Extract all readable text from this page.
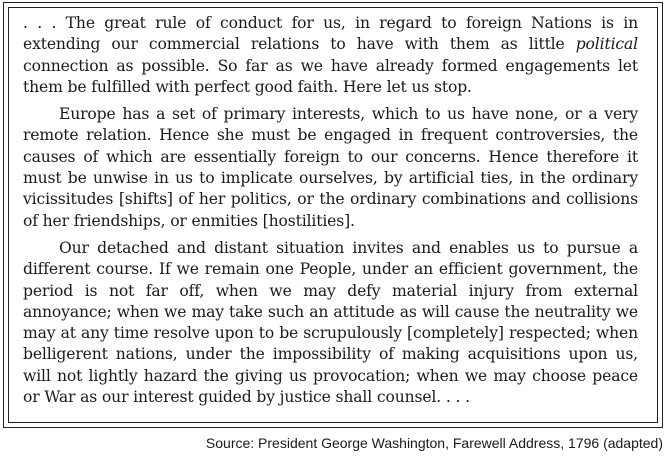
. . . The great rule of conduct for us, in regard to foreign Nations is in extending our commercial relations to have with them as little political connection as possible. So far as we have already formed engagements let them be fulfilled with perfect good faith. Here let us stop.

Europe has a set of primary interests, which to us have none, or a very remote relation. Hence she must be engaged in frequent controversies, the causes of which are essentially foreign to our concerns. Hence therefore it must be unwise in us to implicate ourselves, by artificial ties, in the ordinary vicissitudes [shifts] of her politics, or the ordinary combinations and collisions of her friendships, or enmities [hostilities].

Our detached and distant situation invites and enables us to pursue a different course. If we remain one People, under an efficient government, the period is not far off, when we may defy material injury from external annoyance; when we may take such an attitude as will cause the neutrality we may at any time resolve upon to be scrupulously [completely] respected; when belligerent nations, under the impossibility of making acquisitions upon us, will not lightly hazard the giving us provocation; when we may choose peace or War as our interest guided by justice shall counsel. . . .

Source: President George Washington, Farewell Address, 1796 (adapted)
